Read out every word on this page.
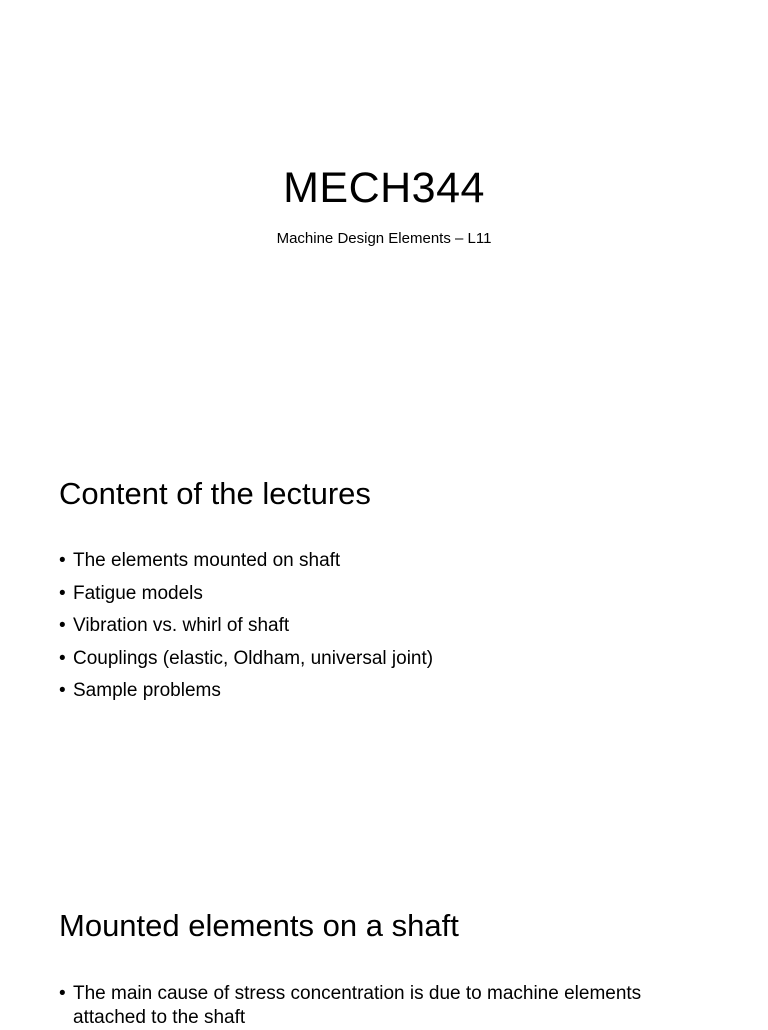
MECH344
Machine Design Elements – L11
Content of the lectures
• The elements mounted on shaft
• Fatigue models
• Vibration vs. whirl of shaft
• Couplings (elastic, Oldham, universal joint)
• Sample problems
Mounted elements on a shaft
• The main cause of stress concentration is due to machine elements attached to the shaft
